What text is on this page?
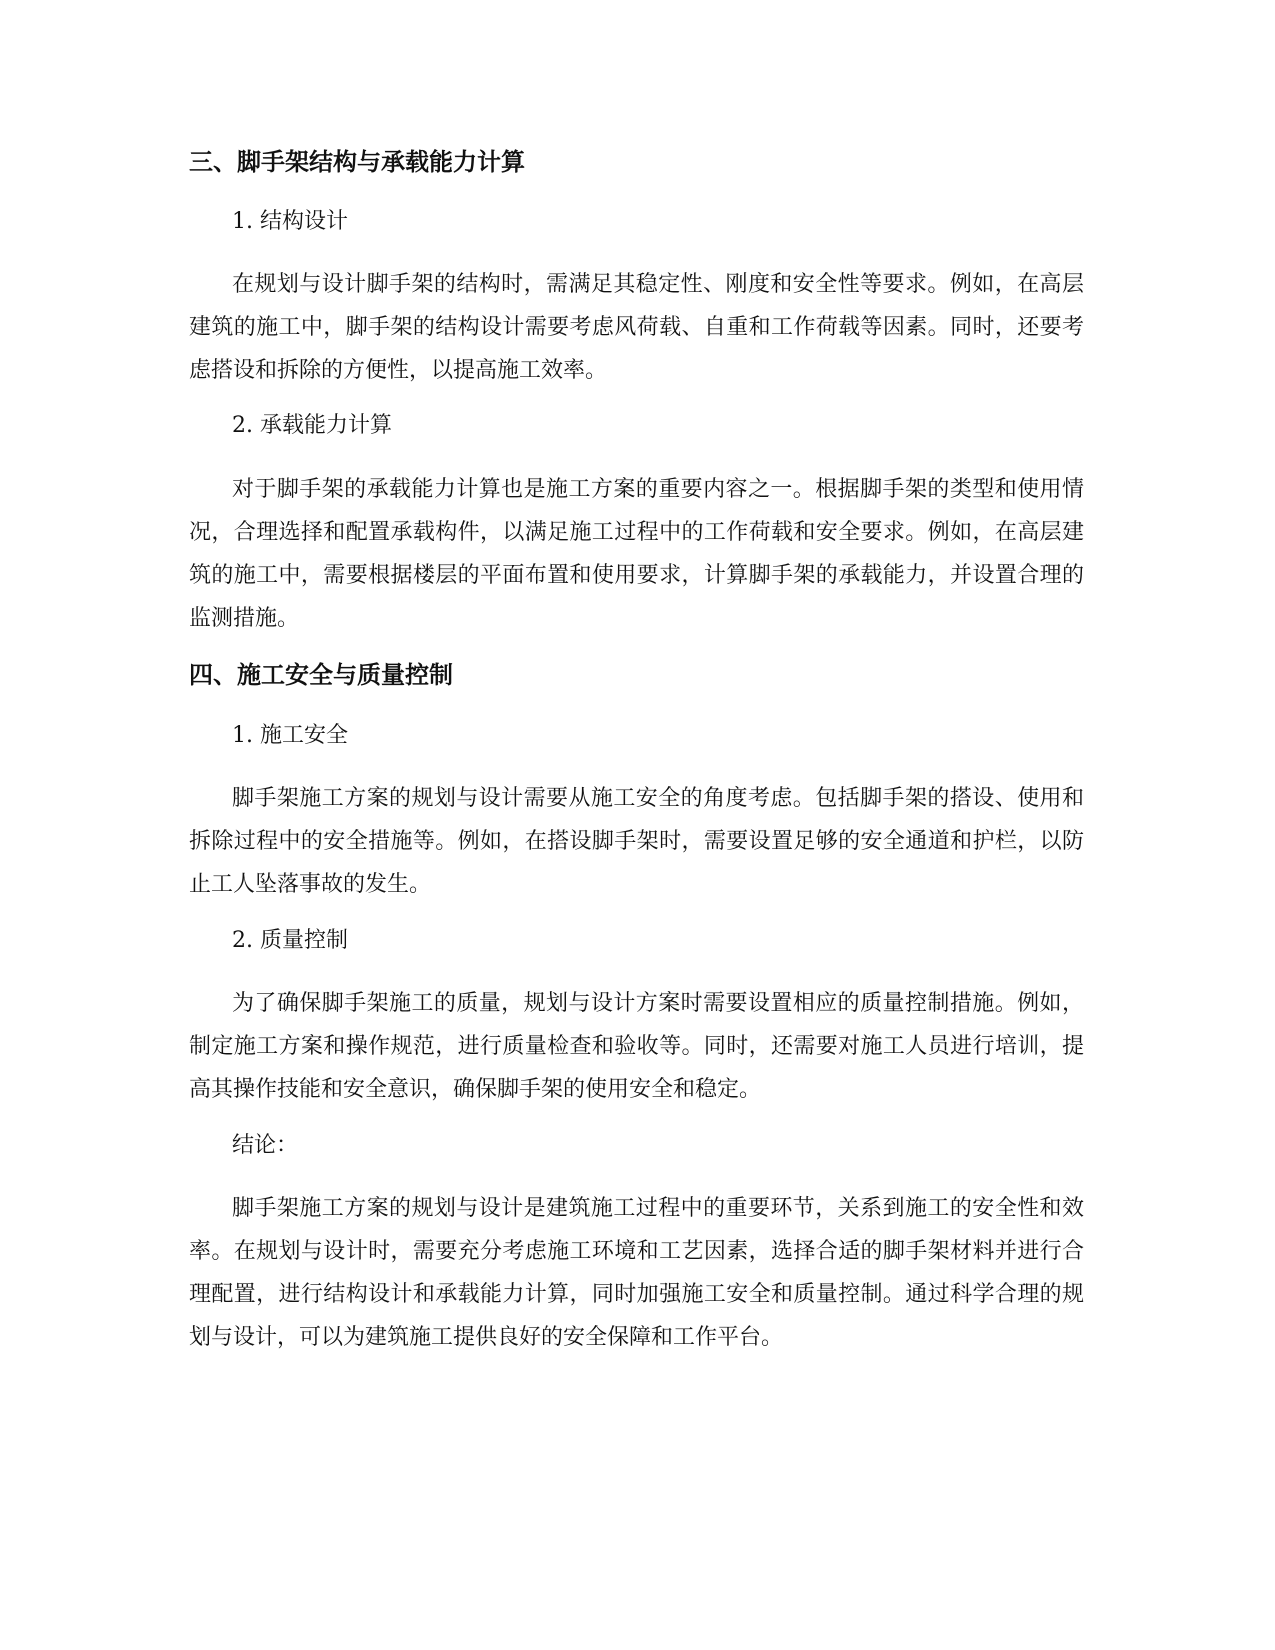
三、脚手架结构与承载能力计算

1. 结构设计

在规划与设计脚手架的结构时，需满足其稳定性、刚度和安全性等要求。例如，在高层建筑的施工中，脚手架的结构设计需要考虑风荷载、自重和工作荷载等因素。同时，还要考虑搭设和拆除的方便性，以提高施工效率。

2. 承载能力计算

对于脚手架的承载能力计算也是施工方案的重要内容之一。根据脚手架的类型和使用情况，合理选择和配置承载构件，以满足施工过程中的工作荷载和安全要求。例如，在高层建筑的施工中，需要根据楼层的平面布置和使用要求，计算脚手架的承载能力，并设置合理的监测措施。

四、施工安全与质量控制

1. 施工安全

脚手架施工方案的规划与设计需要从施工安全的角度考虑。包括脚手架的搭设、使用和拆除过程中的安全措施等。例如，在搭设脚手架时，需要设置足够的安全通道和护栏，以防止工人坠落事故的发生。

2. 质量控制

为了确保脚手架施工的质量，规划与设计方案时需要设置相应的质量控制措施。例如，制定施工方案和操作规范，进行质量检查和验收等。同时，还需要对施工人员进行培训，提高其操作技能和安全意识，确保脚手架的使用安全和稳定。

结论：

脚手架施工方案的规划与设计是建筑施工过程中的重要环节，关系到施工的安全性和效率。在规划与设计时，需要充分考虑施工环境和工艺因素，选择合适的脚手架材料并进行合理配置，进行结构设计和承载能力计算，同时加强施工安全和质量控制。通过科学合理的规划与设计，可以为建筑施工提供良好的安全保障和工作平台。
